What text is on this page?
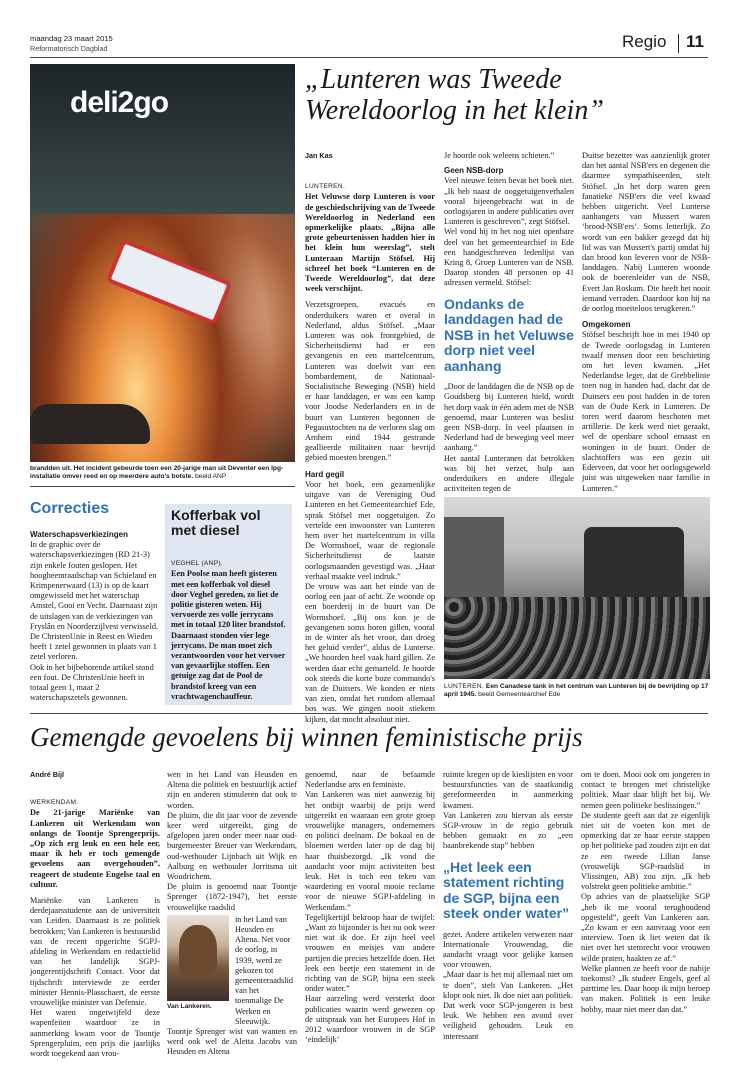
maandag 23 maart 2015
Reformatorisch Dagblad	Regio 11
deli2go
brandden uit. Het incident gebeurde toen een 20-jarige man uit Deventer een lpg-installatie omver reed en op meerdere auto's botste. beeld ANP
Correcties
Waterschapsverkiezingen
In de graphic over de waterschapsverkiezingen (RD 21-3) zijn enkele fouten geslopen. Het hoogheemraadschap van Schieland en Krimpenerwaard (13) is op de kaart omgewisseld met het waterschap Amstel, Gooi en Vecht. Daarnaast zijn de uitslagen van de verkiezingen van Fryslân en Noorderzijlvest verwisseld. De ChristenUnie in Reest en Wieden heeft 1 zetel gewonnen in plaats van 1 zetel verloren.
Ook in het bijbehorende artikel stond een fout. De ChristenUnie heeft in totaal geen 1, maar 2 waterschapszetels gewonnen.
Kofferbak vol met diesel

VEGHEL (ANP).
Een Poolse man heeft gisteren met een kofferbak vol diesel door Veghel gereden, zo liet de politie gisteren weten. Hij vervoerde zes volle jerrycans met in totaal 120 liter brandstof. Daarnaast stonden vier lege jerrycans. De man moet zich verantwoorden voor het vervoer van gevaarlijke stoffen. Een getuige zag dat de Pool de brandstof kreeg van een vrachtwagenchauffeur.

„Lunteren was Tweede Wereldoorlog in het klein”
Jan Kas

LUNTEREN.
Het Veluwse dorp Lunteren is voor de geschiedschrijving van de Tweede Wereldoorlog in Nederland een opmerkelijke plaats. „Bijna alle grote gebeurtenissen hadden hier in het klein hun weerslag”, stelt Lunteraan Martijn Stöfsel. Hij schreef het boek “Lunteren en de Tweede Wereldoorlog”, dat deze week verschijnt.

Verzetsgroepen, evacués en onderduikers waren er overal in Nederland, aldus Stöfsel. „Maar Lunteren was ook frontgebied, de Sicherheitsdienst had er een gevangenis en een martelcentrum, Lunteren was doelwit van een bombardement, de Nationaal-Socialistische Beweging (NSB) hield er haar landdagen, er was een kamp voor Joodse Nederlanders en in de buurt van Lunteren begonnen de Pegasustochten na de verloren slag om Arnhem eind 1944 gestrande geallieerde militairen naar bevrijd gebied moesten brengen.”
Hard gegil
Voor het boek, een gezamenlijke uitgave van de Vereniging Oud Lunteren en het Gemeentearchief Ede, sprak Stöfsel met ooggetuigen. Zo vertelde een inwoonster van Lunteren hem over het martelcentrum in villa De Wormshoef, waar de regionale Sicherheitsdienst de laatste oorlogsmaanden gevestigd was. „Haar verhaal maakte veel indruk.”
De vrouw was aan het einde van de oorlog een jaar of acht. Ze woonde op een boerderij in de buurt van De Wormshoef. „Bij ons kon je de gevangenen soms horen gillen, vooral in de winter als het vroor, dan droeg het geluid verder”, aldus de Lunterse. „We hoorden heel vaak hard gillen. Ze werden daar echt gemarteld. Je hoorde ook steeds die korte boze commando's van de Duitsers. We konden er niets van zien, omdat het rondom allemaal bos was. We gingen nooit stiekem kijken, dat mocht absoluut niet.
Je hoorde ook weleens schieten.”
Geen NSB-dorp
Veel nieuwe feiten bevat het boek niet. „Ik heb naast de ooggetuigenverhalen vooral bijeengebracht wat in de oorlogsjaren in andere publicaties over Lunteren is geschreven”, zegt Stöfsel.
Wel vond hij in het nog niet openbare deel van het gemeentearchief in Ede een handgeschreven ledenlijst van Kring 8, Groep Lunteren van de NSB. Daarop stonden 48 personen op 41 adressen vermeld. Stöfsel:
Ondanks de landdagen had de NSB in het Veluwse dorp niet veel aanhang
„Door de landdagen die de NSB op de Goudsberg bij Lunteren hield, wordt het dorp vaak in één adem met de NSB genoemd, maar Lunteren was beslist geen NSB-dorp. In veel plaatsen in Nederland had de beweging veel meer aanhang.”
Het aantal Lunteranen dat betrokken was bij het verzet, hulp aan onderduikers en andere illegale activiteiten tegen de
Duitse bezetter was aanzienlijk groter dan het aantal NSB'ers en degenen die daarmee sympathiseerden, stelt Stöfsel. „In het dorp waren geen fanatieke NSB'ers die veel kwaad hebben uitgericht. Veel Lunterse aanhangers van Mussert waren ‘brood-NSB'ers’. Soms letterlijk. Zo wordt van een bakker gezegd dat hij lid was van Mussert's partij omdat hij dan brood kon leveren voor de NSB-landdagen. Nabij Lunteren woonde ook de boerenleider van de NSB, Evert Jan Roskam. Die heeft het nooit iemand verraden. Daardoor kon hij na de oorlog moeiteloos terugkeren.”
Omgekomen
Stöfsel beschrijft hoe in mei 1940 op de Tweede oorlogsdag in Lunteren twaalf mensen door een beschieting om het leven kwamen. „Het Nederlandse leger, dat de Grebbelinie toen nog in handen had, dacht dat de Duitsers een post hadden in de toren van de Oude Kerk in Lunteren. De toren werd daarom beschoten met artillerie. De kerk werd niet geraakt, wel de openbare school ernaast en woningen in de buurt. Onder de slachtoffers was een gezin uit Ederveen, dat voor het oorlogsgeweld juist was uitgeweken naar familie in Lunteren.”
LUNTEREN. Een Canadese tank in het centrum van Lunteren bij de bevrijding op 17 april 1945. beeld Gemeentearchief Ede
Gemengde gevoelens bij winnen feministische prijs
André Bijl

WERKENDAM.
De 21-jarige Mariënke van Lankeren uit Werkendam won onlangs de Toontje Sprengerprijs. „Op zich erg leuk en een hele eer, maar ik heb er toch gemengde gevoelens aan overgehouden”, reageert de studente Engelse taal en cultuur.

Mariënke van Lankeren is derdejaarsstudente aan de universiteit van Leiden. Daarnaast is ze politiek betrokken; Van Lankeren is bestuurslid van de recent opgerichte SGPJ-afdeling in Werkendam en redactielid van het landelijk SGPJ-jongerentijdschrift Contact. Voor dat tijdschrift interviewde ze eerder minister Hennis-Plasschaert, de eerste vrouwelijke minister van Defensie.
Het waren ongetwijfeld deze wapenfeiten waardoor ze in aanmerking kwam voor de Toontje Sprengerpluim, een prijs die jaarlijks wordt toegekend aan vrou-
wen in het Land van Heusden en Altena die politiek en bestuurlijk actief zijn en anderen stimuleren dat ook te worden.
De pluim, die dit jaar voor de zevende keer werd uitgereikt, ging de afgelopen jaren onder meer naar oud-burgemeester Breuer van Werkendam, oud-wethouder Lijnbach uit Wijk en Aalburg en wethouder Jorritsma uit Woudrichem.
De pluim is genoemd naar Toontje Sprenger (1872-1947), het eerste vrouwelijke raadslid
Van Lankeren.
in het Land van Heusden en Altena. Net voor de oorlog, in 1939, werd ze gekozen tot gemeenteraadslid van het toenmalige De Werken en Sleeuwijk.
Toontje Sprenger wist van wanten en werd ook wel de Aletta Jacobs van Heusden en Altena
genoemd, naar de befaamde Nederlandse arts en feministe.
Van Lankeren was niet aanwezig bij het ontbijt waarbij de prijs werd uitgereikt en waaraan een grote groep vrouwelijke managers, ondernemers en politici deelnam. De bokaal en de bloemen werden later op de dag bij haar thuisbezorgd. „Ik vond die aandacht voor mijn activiteiten best leuk. Het is toch een teken van waardering en vooral mooie reclame voor de nieuwe SGPJ-afdeling in Werkendam.”
Tegelijkertijd bekroop haar de twijfel: „Want zo bijzonder is het nu ook weer niet wat ik doe. Er zijn heel veel vrouwen en meisjes van andere partijen die precies hetzelfde doen. Het leek een beetje een statement in de richting van de SGP, bijna een steek onder water.”
Haar aarzeling werd versterkt door publicaties waarin werd gewezen op de uitspraak van het Europees Hof in 2012 waardoor vrouwen in de SGP ‘eindelijk’
ruimte kregen op de kieslijsten en voor bestuursfuncties van de staatkundig gereformeerden in aanmerking kwamen.
Van Lankeren zou hiervan als eerste SGP-vrouw in de regio gebruik hebben gemaakt en zo „een baanbrekende stap” hebben
„Het leek een statement richting de SGP, bijna een steek onder water”
gezet. Andere artikelen verwezen naar Internationale Vrouwendag, die aandacht vraagt voor gelijke kansen voor vrouwen.
„Maar daar is het mij allemaal niet om te doen”, stelt Van Lankeren. „Het klopt ook niet. Ik doe niet aan politiek. Dat werk voor SGP-jongeren is best leuk. We hebben een avond over veiligheid gehouden. Leuk en interessant
om te doen. Mooi ook om jongeren in contact te brengen met christelijke politiek. Maar daar blijft het bij. We nemen geen politieke beslissingen.”
De studente geeft aan dat ze eigenlijk niet uit de voeten kon met de opmerking dat ze haar eerste stappen op het politieke pad zouden zijn en dat ze een tweede Lilian Janse (vrouwelijk SGP-raadslid in Vlissingen, AB) zou zijn. „Ik heb volstrekt geen politieke ambitie.”
Op advies van de plaatselijke SGP „heb ik me vooral terughoudend opgesteld”, geeft Van Lankeren aan. „Zo kwam er een aanvraag voor een interview. Toen ik liet weten dat ik niet over het stemrecht voor vrouwen wilde praten, haakten ze af.”
Welke plannen ze heeft voor de nabije toekomst? „Ik studeer Engels, geef al parttime les. Daar hoop ik mijn beroep van maken. Politiek is een leuke hobby, maar niet meer dan dat.”
